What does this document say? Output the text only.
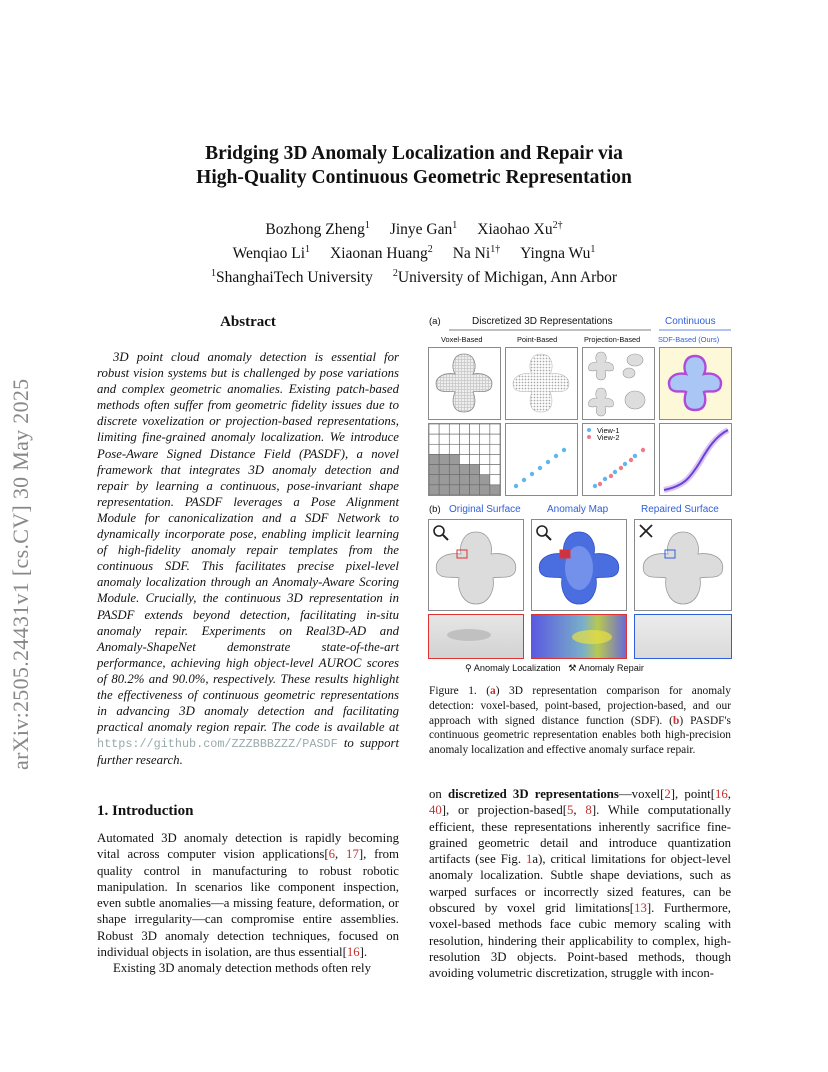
Bridging 3D Anomaly Localization and Repair via
High-Quality Continuous Geometric Representation
Bozhong Zheng$^1$ Jinye Gan$^1$ Xiaohao $Xu^{2\dagger}$
Wenqiao Li$^1$ Xiaonan Huang$^2$ Na $Ni^{1\dagger}$ Yingna Wu$^1$
$^1$ShanghaiTech University $^2$University of Michigan, Ann Arbor
arXiv:2505.24431v1 [cs.CV] 30 May 2025
Abstract
3D point cloud anomaly detection is essential for robust vision systems but is challenged by pose variations and complex geometric anomalies. Existing patch-based methods often suffer from geometric fidelity issues due to discrete voxelization or projection-based representations, limiting fine-grained anomaly localization. We introduce Pose-Aware Signed Distance Field (PASDF), a novel framework that integrates 3D anomaly detection and repair by learning a continuous, pose-invariant shape representation. PASDF leverages a Pose Alignment Module for canonicalization and a SDF Network to dynamically incorporate pose, enabling implicit learning of high-fidelity anomaly repair templates from the continuous SDF. This facilitates precise pixel-level anomaly localization through an Anomaly-Aware Scoring Module. Crucially, the continuous 3D representation in PASDF extends beyond detection, facilitating in-situ anomaly repair. Experiments on Real3D-AD and Anomaly-ShapeNet demonstrate state-of-the-art performance, achieving high object-level AUROC scores of 80.2% and 90.0%, respectively. These results highlight the effectiveness of continuous geometric representations in advancing 3D anomaly detection and facilitating practical anomaly region repair. The code is available at https://github.com/ZZZBBBZZZ/PASDF to support further research.
1. Introduction

Automated 3D anomaly detection is rapidly becoming vital across computer vision applications[6, 17], from quality control in manufacturing to robust robotic manipulation. In scenarios like component inspection, even subtle anomalies—a missing feature, deformation, or shape irregularity—can compromise entire assemblies. Robust 3D anomaly detection techniques, focused on individual objects in isolation, are thus essential[16].

Existing 3D anomaly detection methods often rely

on discretized 3D representations—voxel[2], point[16, 40], or projection-based[5, 8]. While computationally efficient, these representations inherently sacrifice fine-grained geometric detail and introduce quantization artifacts (see Fig. 1a), critical limitations for object-level anomaly localization. Subtle shape deviations, such as warped surfaces or incorrectly sized features, can be obscured by voxel grid limitations[13]. Furthermore, voxel-based methods face cubic memory scaling with resolution, hindering their applicability to complex, high-resolution 3D objects. Point-based methods, though avoiding volumetric discretization, struggle with incon-
(a)	Discretized 3D Representations	Continuous
Voxel-Based	Point-Based	Projection-Based SDF-Based (Ours)
View-1
View-2
(b) Original Surface	Anomaly Map	Repaired Surface
⚲ Anomaly Localization ⚒ Anomaly Repair
Figure 1. (a) 3D representation comparison for anomaly detection: voxel-based, point-based, projection-based, and our approach with signed distance function (SDF). (b) PASDF's continuous geometric representation enables both high-precision anomaly localization and effective anomaly surface repair.
